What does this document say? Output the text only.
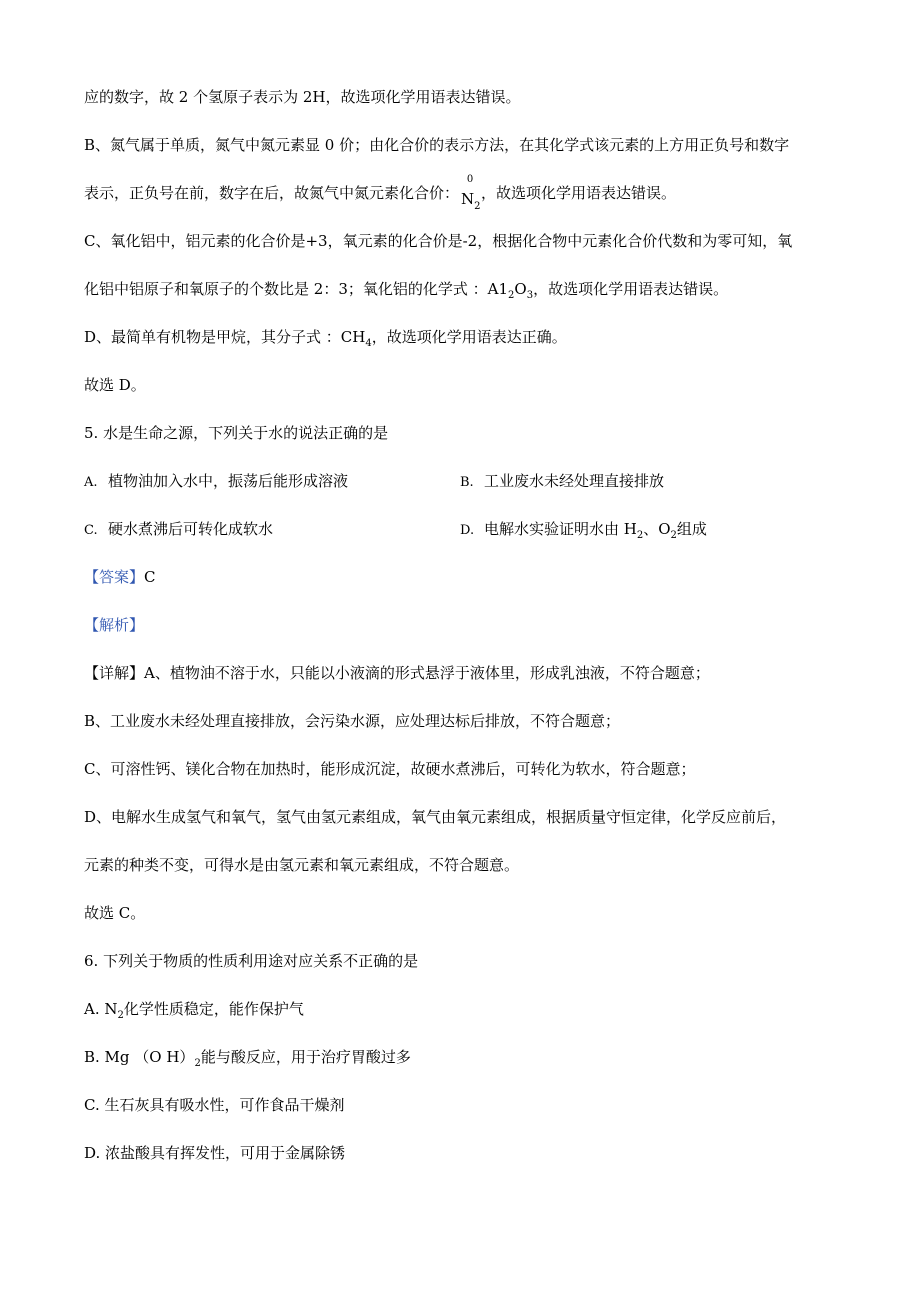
应的数字，故 2 个氢原子表示为 2H，故选项化学用语表达错误。
B、氮气属于单质，氮气中氮元素显 0 价；由化合价的表示方法，在其化学式该元素的上方用正负号和数字
表示，正负号在前，数字在后，故氮气中氮元素化合价：
0
$N_2$，故选项化学用语表达错误。
C、氧化铝中，铝元素的化合价是+3，氧元素的化合价是-2，根据化合物中元素化合价代数和为零可知，氧
化铝中铝原子和氧原子的个数比是 2：3；氧化铝的化学式 ：$A1_2O_3$，故选项化学用语表达错误。
D、最简单有机物是甲烷，其分子式 ：$CH_4$，故选项化学用语表达正确。
故选 D。
5. 水是生命之源，下列关于水的说法正确的是
A. 植物油加入水中，振荡后能形成溶液	B. 工业废水未经处理直接排放
C. 硬水煮沸后可转化成软水	D. 电解水实验证明水由 $H_2$、$O_2$组成
【答案】C
【解析】
【详解】A、植物油不溶于水，只能以小液滴的形式悬浮于液体里，形成乳浊液，不符合题意；
B、工业废水未经处理直接排放，会污染水源，应处理达标后排放，不符合题意；
C、可溶性钙、镁化合物在加热时，能形成沉淀，故硬水煮沸后，可转化为软水，符合题意；
D、电解水生成氢气和氧气，氢气由氢元素组成，氧气由氧元素组成，根据质量守恒定律，化学反应前后，
元素的种类不变，可得水是由氢元素和氧元素组成，不符合题意。
故选 C。
6. 下列关于物质的性质利用途对应关系不正确的是
A. $N_2$化学性质稳定，能作保护气
B. Mg （O $H)_2$能与酸反应，用于治疗胃酸过多
C. 生石灰具有吸水性，可作食品干燥剂
D. 浓盐酸具有挥发性，可用于金属除锈
